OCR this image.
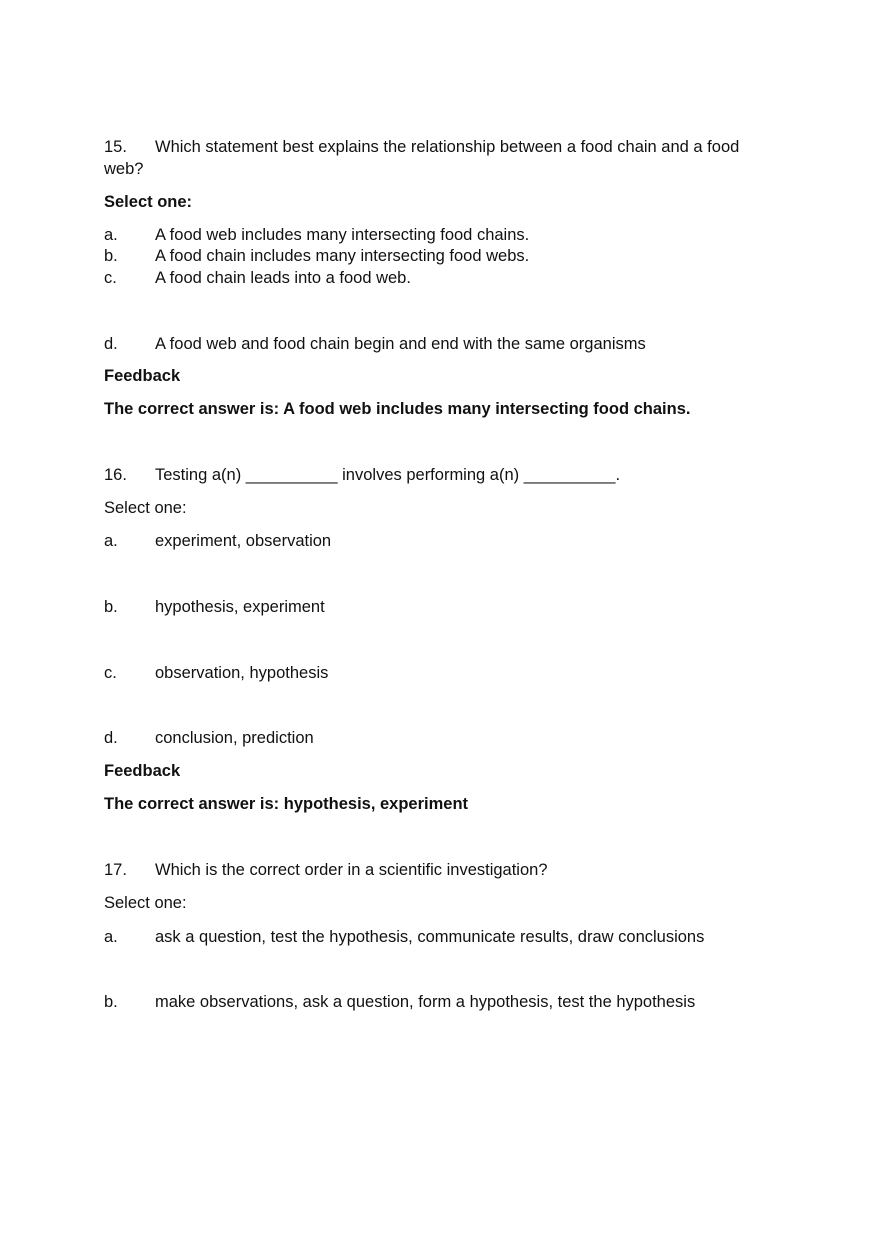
15. Which statement best explains the relationship between a food chain and a food
web?
Select one:
a. A food web includes many intersecting food chains.
b. A food chain includes many intersecting food webs.
c. A food chain leads into a food web.
d. A food web and food chain begin and end with the same organisms
Feedback
The correct answer is: A food web includes many intersecting food chains.
16. Testing a(n) __________ involves performing a(n) __________.
Select one:
a. experiment, observation
b. hypothesis, experiment
c. observation, hypothesis
d. conclusion, prediction
Feedback
The correct answer is: hypothesis, experiment
17. Which is the correct order in a scientific investigation?
Select one:
a. ask a question, test the hypothesis, communicate results, draw conclusions
b. make observations, ask a question, form a hypothesis, test the hypothesis
